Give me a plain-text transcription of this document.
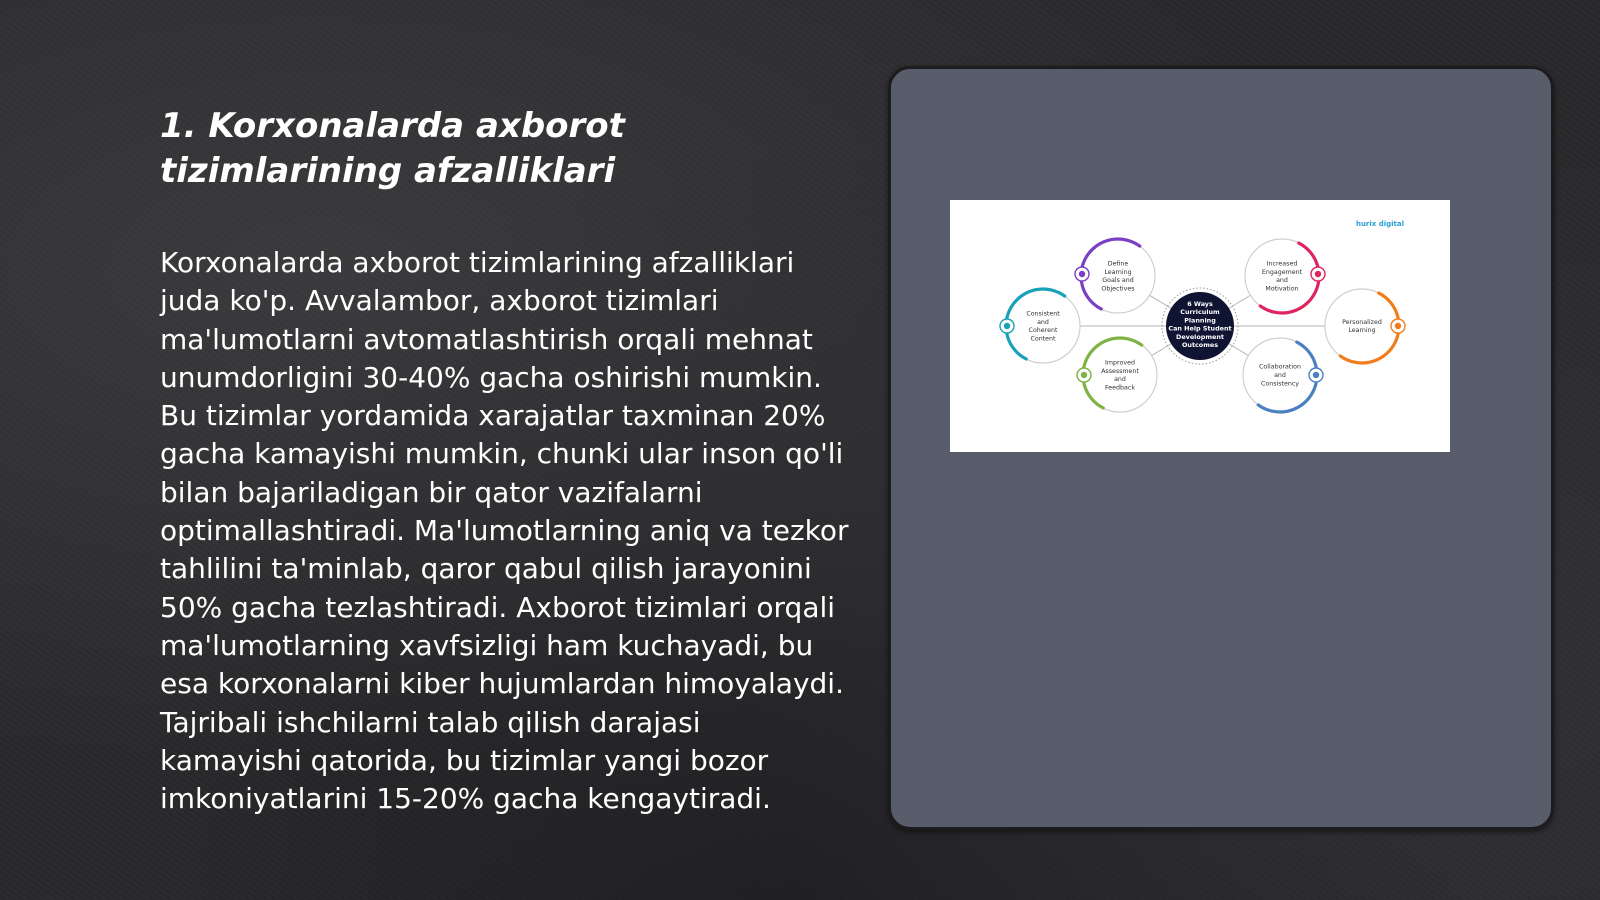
1. Korxonalarda axborot tizimlarining afzalliklari

Korxonalarda axborot tizimlarining afzalliklari juda ko'p. Avvalambor, axborot tizimlari ma'lumotlarni avtomatlashtirish orqali mehnat unumdorligini 30-40% gacha oshirishi mumkin. Bu tizimlar yordamida xarajatlar taxminan 20% gacha kamayishi mumkin, chunki ular inson qo'li bilan bajariladigan bir qator vazifalarni optimallashtiradi. Ma'lumotlarning aniq va tezkor tahlilini ta'minlab, qaror qabul qilish jarayonini 50% gacha tezlashtiradi. Axborot tizimlari orqali ma'lumotlarning xavfsizligi ham kuchayadi, bu esa korxonalarni kiber hujumlardan himoyalaydi. Tajribali ishchilarni talab qilish darajasi kamayishi qatorida, bu tizimlar yangi bozor imkoniyatlarini 15-20% gacha kengaytiradi.

hurix digital
6 Ways
Curriculum
Planning
Can Help Student
Development
Outcomes
Define
Learning
Goals and
Objectives
Increased
Engagement
and
Motivation
Consistent
and
Coherent
Content
Personalized
Learning
Improved
Assessment
and
Feedback
Collaboration
and
Consistency
